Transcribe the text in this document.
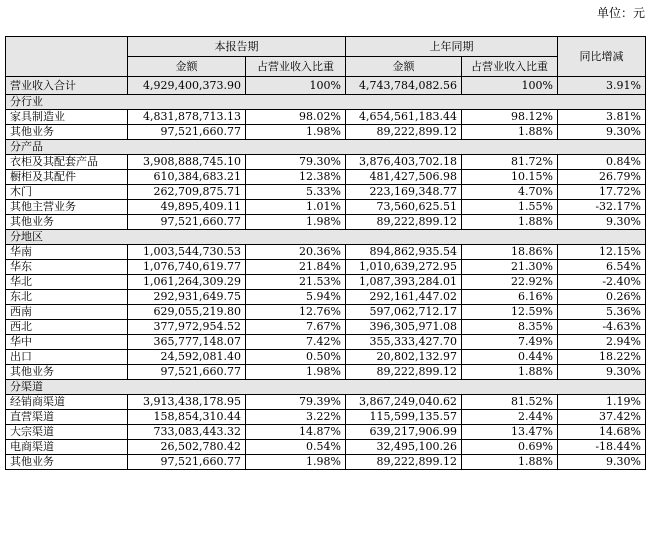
单位：元
	本报告期		上年同期		同比增减
	金额	占营业收入比重	金额	占营业收入比重	
营业收入合计	4,929,400,373.90	100%	4,743,784,082.56	100%	3.91%
分行业					
家具制造业	4,831,878,713.13	98.02%	4,654,561,183.44	98.12%	3.81%
其他业务	97,521,660.77	1.98%	89,222,899.12	1.88%	9.30%
分产品					
衣柜及其配套产品	3,908,888,745.10	79.30%	3,876,403,702.18	81.72%	0.84%
橱柜及其配件	610,384,683.21	12.38%	481,427,506.98	10.15%	26.79%
木门	262,709,875.71	5.33%	223,169,348.77	4.70%	17.72%
其他主营业务	49,895,409.11	1.01%	73,560,625.51	1.55%	-32.17%
其他业务	97,521,660.77	1.98%	89,222,899.12	1.88%	9.30%
分地区					
华南	1,003,544,730.53	20.36%	894,862,935.54	18.86%	12.15%
华东	1,076,740,619.77	21.84%	1,010,639,272.95	21.30%	6.54%
华北	1,061,264,309.29	21.53%	1,087,393,284.01	22.92%	-2.40%
东北	292,931,649.75	5.94%	292,161,447.02	6.16%	0.26%
西南	629,055,219.80	12.76%	597,062,712.17	12.59%	5.36%
西北	377,972,954.52	7.67%	396,305,971.08	8.35%	-4.63%
华中	365,777,148.07	7.42%	355,333,427.70	7.49%	2.94%
出口	24,592,081.40	0.50%	20,802,132.97	0.44%	18.22%
其他业务	97,521,660.77	1.98%	89,222,899.12	1.88%	9.30%
分渠道					
经销商渠道	3,913,438,178.95	79.39%	3,867,249,040.62	81.52%	1.19%
直营渠道	158,854,310.44	3.22%	115,599,135.57	2.44%	37.42%
大宗渠道	733,083,443.32	14.87%	639,217,906.99	13.47%	14.68%
电商渠道	26,502,780.42	0.54%	32,495,100.26	0.69%	-18.44%
其他业务	97,521,660.77	1.98%	89,222,899.12	1.88%	9.30%
